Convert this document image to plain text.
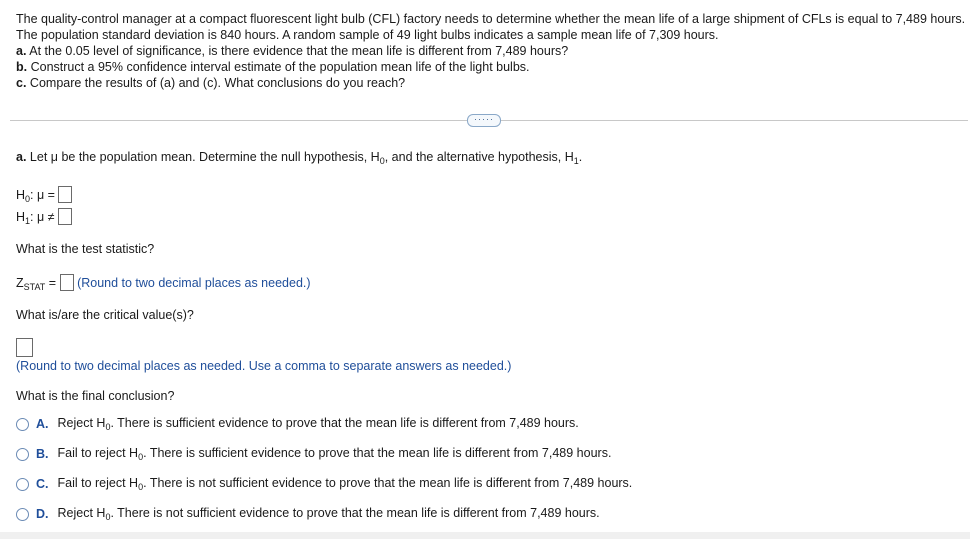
The quality-control manager at a compact fluorescent light bulb (CFL) factory needs to determine whether the mean life of a large shipment of CFLs is equal to 7,489 hours. The population standard deviation is 840 hours. A random sample of 49 light bulbs indicates a sample mean life of 7,309 hours.

a. At the 0.05 level of significance, is there evidence that the mean life is different from 7,489 hours?

b. Construct a 95% confidence interval estimate of the population mean life of the light bulbs.

c. Compare the results of (a) and (c). What conclusions do you reach?

·····
a. Let μ be the population mean. Determine the null hypothesis, $H_0$, and the alternative hypothesis, $H_1$.
$H_0$: μ =
$H_1$: μ ≠
What is the test statistic?
$Z_{STAT}$ = (Round to two decimal places as needed.)
What is/are the critical value(s)?
(Round to two decimal places as needed. Use a comma to separate answers as needed.)
What is the final conclusion?
A. Reject $H_0$. There is sufficient evidence to prove that the mean life is different from 7,489 hours.
B. Fail to reject $H_0$. There is sufficient evidence to prove that the mean life is different from 7,489 hours.
C. Fail to reject $H_0$. There is not sufficient evidence to prove that the mean life is different from 7,489 hours.
D. Reject $H_0$. There is not sufficient evidence to prove that the mean life is different from 7,489 hours.
